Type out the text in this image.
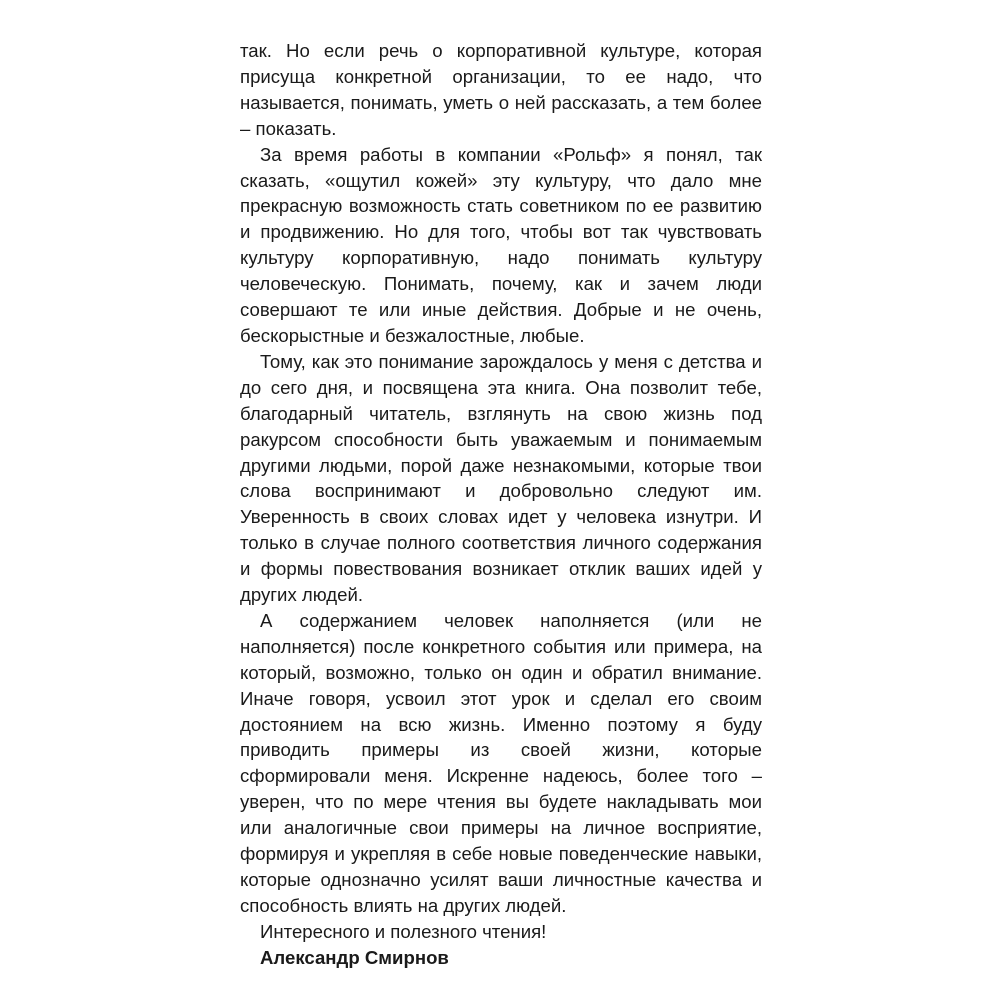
так. Но если речь о корпоративной культуре, которая присуща конкретной организации, то ее надо, что называется, понимать, уметь о ней рассказать, а тем более – показать.

За время работы в компании «Рольф» я понял, так сказать, «ощутил кожей» эту культуру, что дало мне прекрасную возможность стать советником по ее развитию и продвижению. Но для того, чтобы вот так чувствовать культуру корпоративную, надо понимать культуру человеческую. Понимать, почему, как и зачем люди совершают те или иные действия. Добрые и не очень, бескорыстные и безжалостные, любые.

Тому, как это понимание зарождалось у меня с детства и до сего дня, и посвящена эта книга. Она позволит тебе, благодарный читатель, взглянуть на свою жизнь под ракурсом способности быть уважаемым и понимаемым другими людьми, порой даже незнакомыми, которые твои слова воспринимают и добровольно следуют им. Уверенность в своих словах идет у человека изнутри. И только в случае полного соответствия личного содержания и формы повествования возникает отклик ваших идей у других людей.

А содержанием человек наполняется (или не наполняется) после конкретного события или примера, на который, возможно, только он один и обратил внимание. Иначе говоря, усвоил этот урок и сделал его своим достоянием на всю жизнь. Именно поэтому я буду приводить примеры из своей жизни, которые сформировали меня. Искренне надеюсь, более того – уверен, что по мере чтения вы будете накладывать мои или аналогичные свои примеры на личное восприятие, формируя и укрепляя в себе новые поведенческие навыки, которые однозначно усилят ваши личностные качества и способность влиять на других людей.

Интересного и полезного чтения!

Александр Смирнов
